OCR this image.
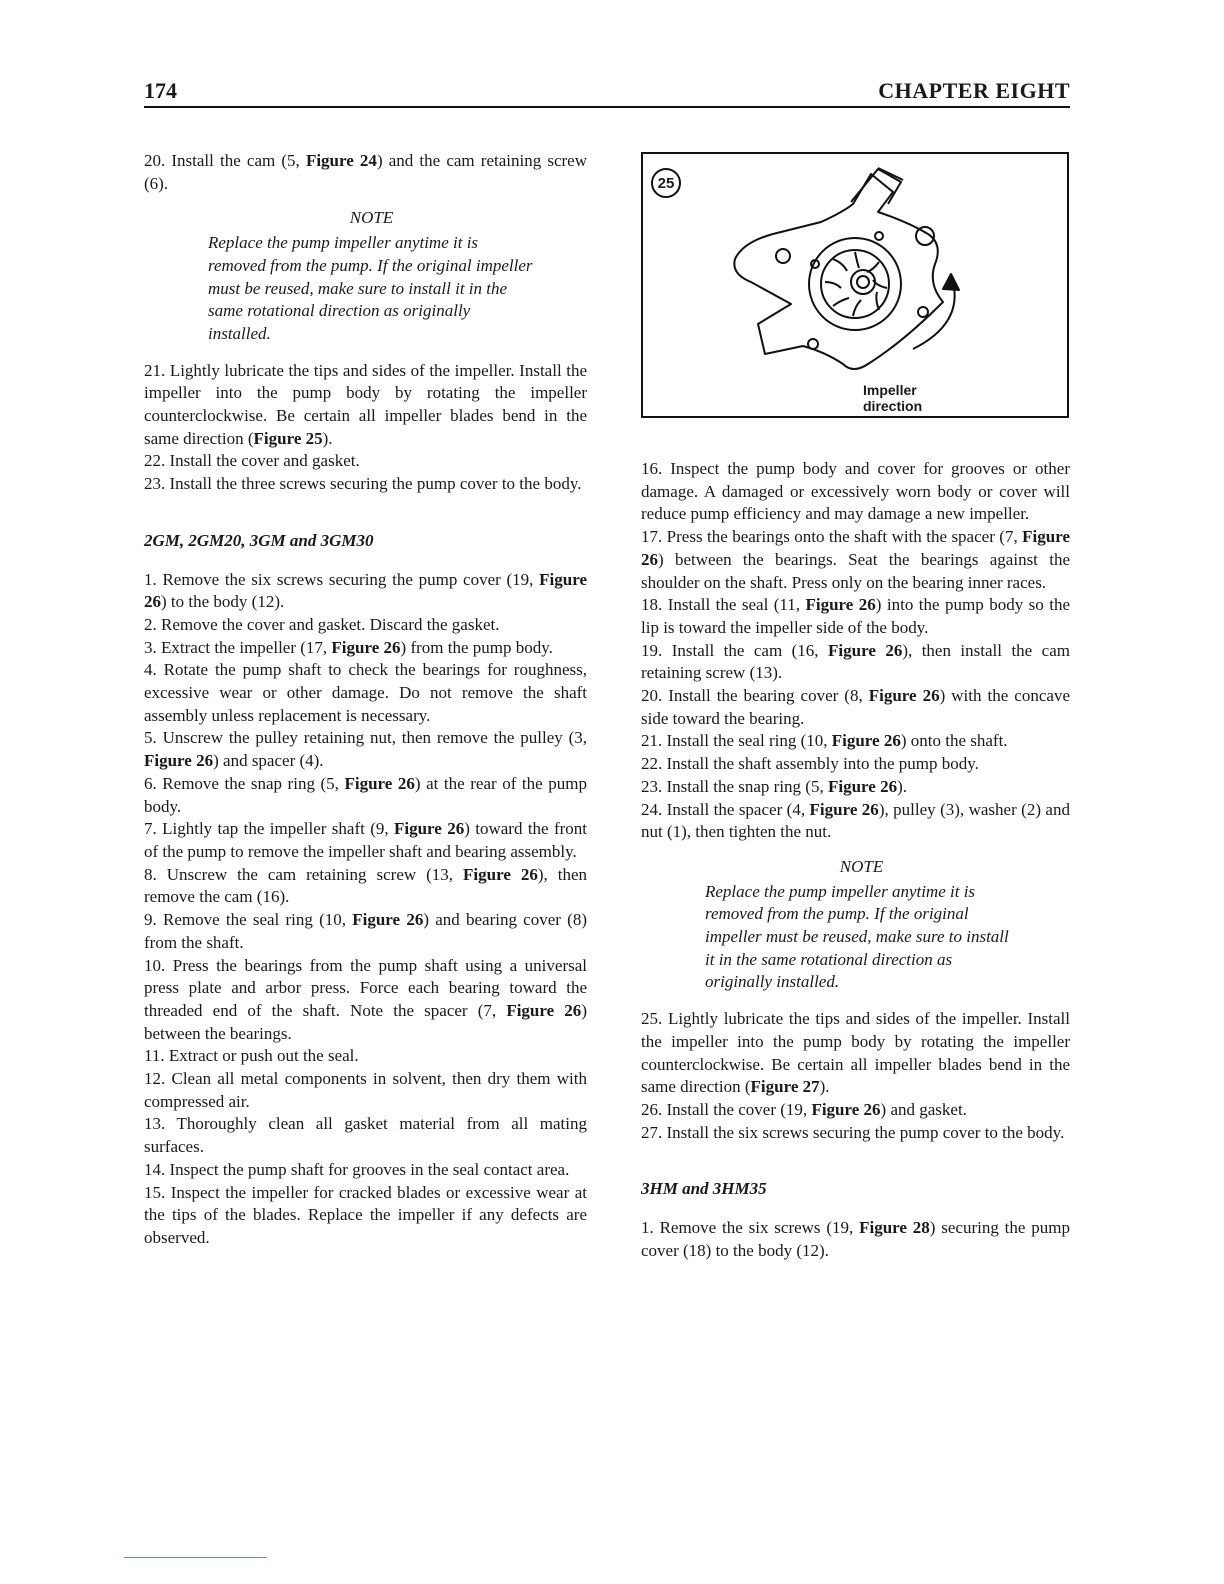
174	CHAPTER EIGHT

20. Install the cam (5, Figure 24) and the cam retaining screw (6).

NOTE
Replace the pump impeller anytime it is removed from the pump. If the original impeller must be reused, make sure to install it in the same rotational direction as originally installed.

21. Lightly lubricate the tips and sides of the impeller. Install the impeller into the pump body by rotating the impeller counterclockwise. Be certain all impeller blades bend in the same direction (Figure 25).

22. Install the cover and gasket.

23. Install the three screws securing the pump cover to the body.

2GM, 2GM20, 3GM and 3GM30

1. Remove the six screws securing the pump cover (19, Figure 26) to the body (12).

2. Remove the cover and gasket. Discard the gasket.

3. Extract the impeller (17, Figure 26) from the pump body.

4. Rotate the pump shaft to check the bearings for roughness, excessive wear or other damage. Do not remove the shaft assembly unless replacement is necessary.

5. Unscrew the pulley retaining nut, then remove the pulley (3, Figure 26) and spacer (4).

6. Remove the snap ring (5, Figure 26) at the rear of the pump body.

7. Lightly tap the impeller shaft (9, Figure 26) toward the front of the pump to remove the impeller shaft and bearing assembly.

8. Unscrew the cam retaining screw (13, Figure 26), then remove the cam (16).

9. Remove the seal ring (10, Figure 26) and bearing cover (8) from the shaft.

10. Press the bearings from the pump shaft using a universal press plate and arbor press. Force each bearing toward the threaded end of the shaft. Note the spacer (7, Figure 26) between the bearings.

11. Extract or push out the seal.

12. Clean all metal components in solvent, then dry them with compressed air.

13. Thoroughly clean all gasket material from all mating surfaces.

14. Inspect the pump shaft for grooves in the seal contact area.

15. Inspect the impeller for cracked blades or excessive wear at the tips of the blades. Replace the impeller if any defects are observed.

25
Impeller
direction

16. Inspect the pump body and cover for grooves or other damage. A damaged or excessively worn body or cover will reduce pump efficiency and may damage a new impeller.

17. Press the bearings onto the shaft with the spacer (7, Figure 26) between the bearings. Seat the bearings against the shoulder on the shaft. Press only on the bearing inner races.

18. Install the seal (11, Figure 26) into the pump body so the lip is toward the impeller side of the body.

19. Install the cam (16, Figure 26), then install the cam retaining screw (13).

20. Install the bearing cover (8, Figure 26) with the concave side toward the bearing.

21. Install the seal ring (10, Figure 26) onto the shaft.

22. Install the shaft assembly into the pump body.

23. Install the snap ring (5, Figure 26).

24. Install the spacer (4, Figure 26), pulley (3), washer (2) and nut (1), then tighten the nut.

NOTE
Replace the pump impeller anytime it is removed from the pump. If the original impeller must be reused, make sure to install it in the same rotational direction as originally installed.

25. Lightly lubricate the tips and sides of the impeller. Install the impeller into the pump body by rotating the impeller counterclockwise. Be certain all impeller blades bend in the same direction (Figure 27).

26. Install the cover (19, Figure 26) and gasket.

27. Install the six screws securing the pump cover to the body.

3HM and 3HM35

1. Remove the six screws (19, Figure 28) securing the pump cover (18) to the body (12).
